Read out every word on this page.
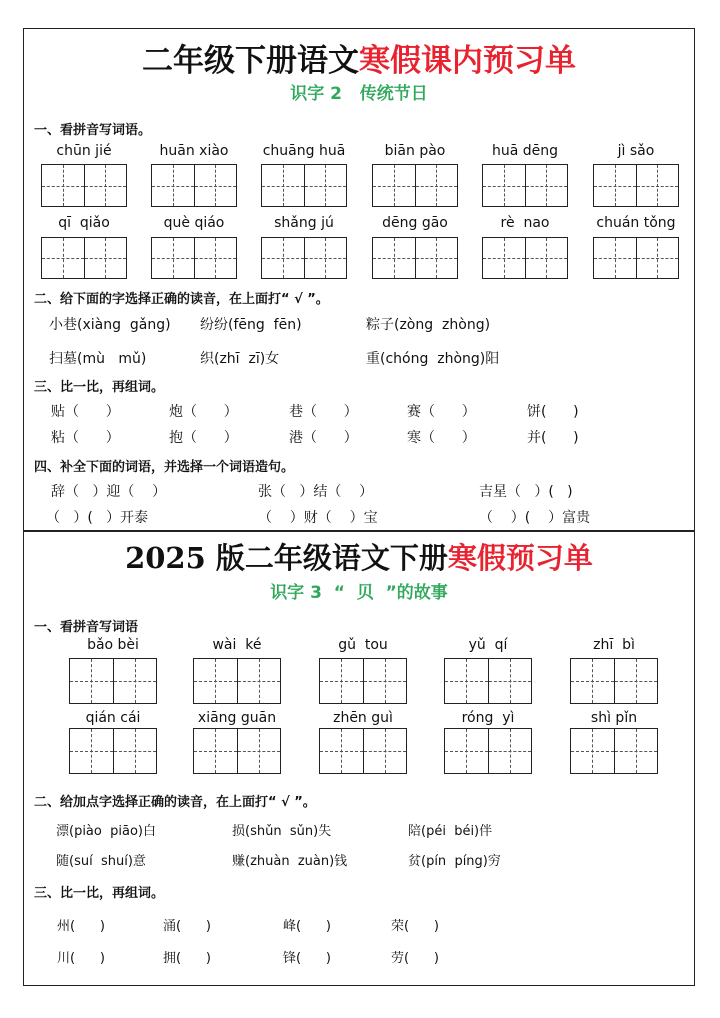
二年级下册语文寒假课内预习单
识字 2   传统节日
一、看拼音写词语。
chūn jié	huān xiào	chuāng huā	biān pào	huā dēng	jì sǎo
qī  qiǎo	què qiáo	shǎng jú	dēng gāo	rè  nao	chuán tǒng
二、给下面的字选择正确的读音，在上面打“ √ ”。
小巷(xiàng  gǎng) 纷纷(fēng  fēn)	粽子(zòng  zhòng)
扫墓(mù   mǔ)	织(zhī  zī)女	重(chóng  zhòng)阳
三、比一比，再组词。
贴（      ）	炮（      ）	巷（      ）	赛（      ）	饼(      )
粘（      ）	抱（      ）	港（      ）	寒（      ）	并(      )
四、补全下面的词语，并选择一个词语造句。
辞（   ）迎（    ）	张（   ）结（    ）	吉星（   ）(   )
（   ）(   ）开泰	（    ）财（    ）宝	（    ）(    ）富贵
2025 版二年级语文下册寒假预习单
识字 3  “  贝  ”的故事
一、看拼音写词语
bǎo bèi	wài  ké	gǔ  tou	yǔ  qí	zhī  bì
qián cái	xiāng guān	zhēn guì	róng  yì	shì pǐn
二、给加点字选择正确的读音，在上面打“ √ ”。
漂(piào  piāo)白	损(shǔn  sǔn)失	陪(péi  béi)伴
随(suí  shuí)意	赚(zhuàn  zuàn)钱	贫(pín  píng)穷
三、比一比，再组词。
州(      )	涌(      )	峰(      )	荣(      )
川(      )	拥(      )	锋(      )	劳(      )
